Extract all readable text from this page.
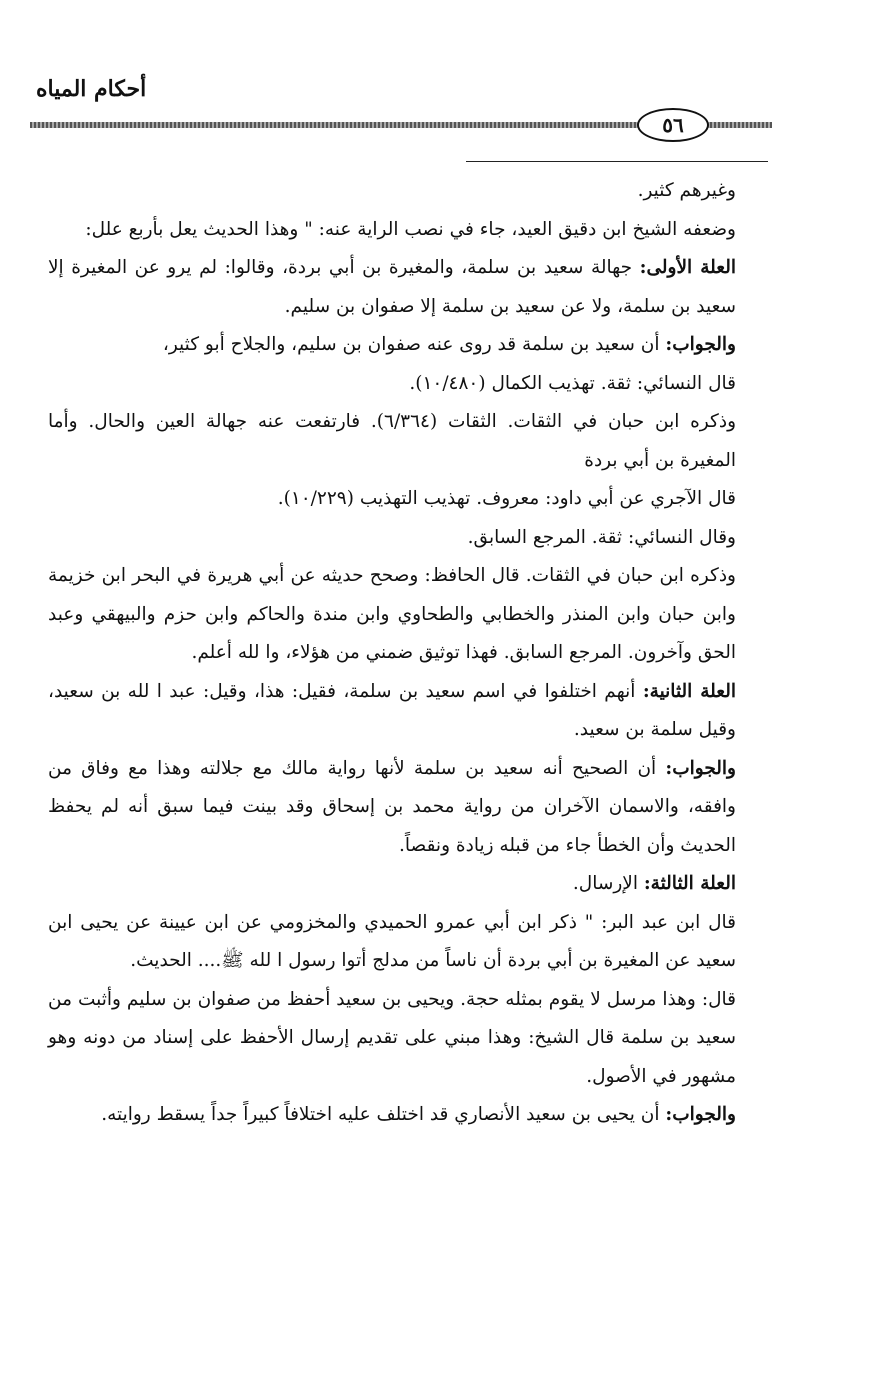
أحكام المياه
٥٦

وغيرهم كثير.

وضعفه الشيخ ابن دقيق العيد، جاء في نصب الراية عنه: " وهذا الحديث يعل بأربع علل:

العلة الأولى: جهالة سعيد بن سلمة، والمغيرة بن أبي بردة، وقالوا: لم يرو عن المغيرة إلا سعيد بن سلمة، ولا عن سعيد بن سلمة إلا صفوان بن سليم.

والجواب: أن سعيد بن سلمة قد روى عنه صفوان بن سليم، والجلاح أبو كثير،

قال النسائي: ثقة. تهذيب الكمال (١٠/٤٨٠).

وذكره ابن حبان في الثقات. الثقات (٦/٣٦٤). فارتفعت عنه جهالة العين والحال. وأما المغيرة بن أبي بردة

قال الآجري عن أبي داود: معروف. تهذيب التهذيب (١٠/٢٢٩).

وقال النسائي: ثقة. المرجع السابق.

وذكره ابن حبان في الثقات. قال الحافظ: وصحح حديثه عن أبي هريرة في البحر ابن خزيمة وابن حبان وابن المنذر والخطابي والطحاوي وابن مندة والحاكم وابن حزم والبيهقي وعبد الحق وآخرون. المرجع السابق. فهذا توثيق ضمني من هؤلاء، وا لله أعلم.

العلة الثانية: أنهم اختلفوا في اسم سعيد بن سلمة، فقيل: هذا، وقيل: عبد ا لله بن سعيد، وقيل سلمة بن سعيد.

والجواب: أن الصحيح أنه سعيد بن سلمة لأنها رواية مالك مع جلالته وهذا مع وفاق من وافقه، والاسمان الآخران من رواية محمد بن إسحاق وقد بينت فيما سبق أنه لم يحفظ الحديث وأن الخطأ جاء من قبله زيادة ونقصاً.

العلة الثالثة: الإرسال.

قال ابن عبد البر: " ذكر ابن أبي عمرو الحميدي والمخزومي عن ابن عيينة عن يحيى ابن سعيد عن المغيرة بن أبي بردة أن ناساً من مدلج أتوا رسول ا لله ﷺ.... الحديث.

قال: وهذا مرسل لا يقوم بمثله حجة. ويحيى بن سعيد أحفظ من صفوان بن سليم وأثبت من سعيد بن سلمة قال الشيخ: وهذا مبني على تقديم إرسال الأحفظ على إسناد من دونه وهو مشهور في الأصول.

والجواب: أن يحيى بن سعيد الأنصاري قد اختلف عليه اختلافاً كبيراً جداً يسقط روايته.
